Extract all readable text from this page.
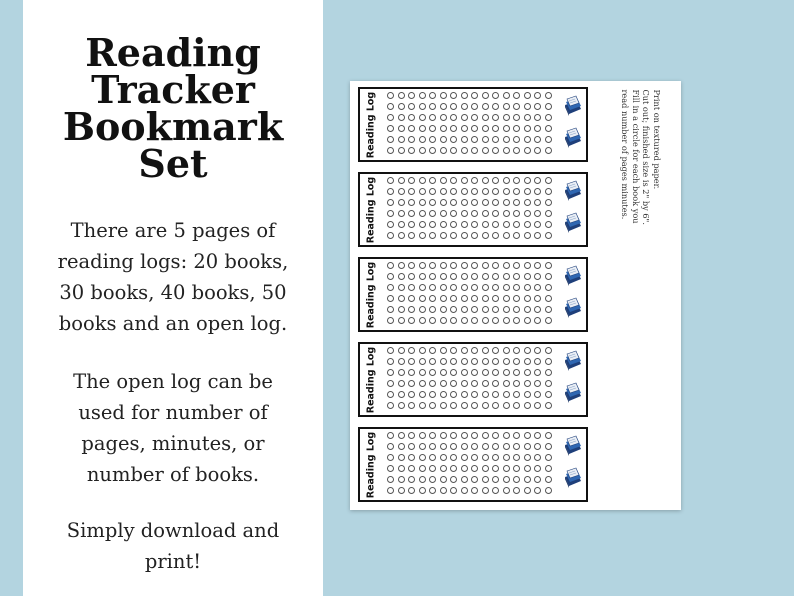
Reading
Tracker
Bookmark
Set
There are 5 pages of
reading logs: 20 books,
30 books, 40 books, 50
books and an open log.
The open log can be
used for number of
pages, minutes, or
number of books.
Simply download and
print!
Reading Log
Reading Log
Reading Log
Reading Log
Reading Log
Print on textured paper.
Cut out; finished size is 2" by 6".
Fill in a circle for each book you
read number of pages minutes.
